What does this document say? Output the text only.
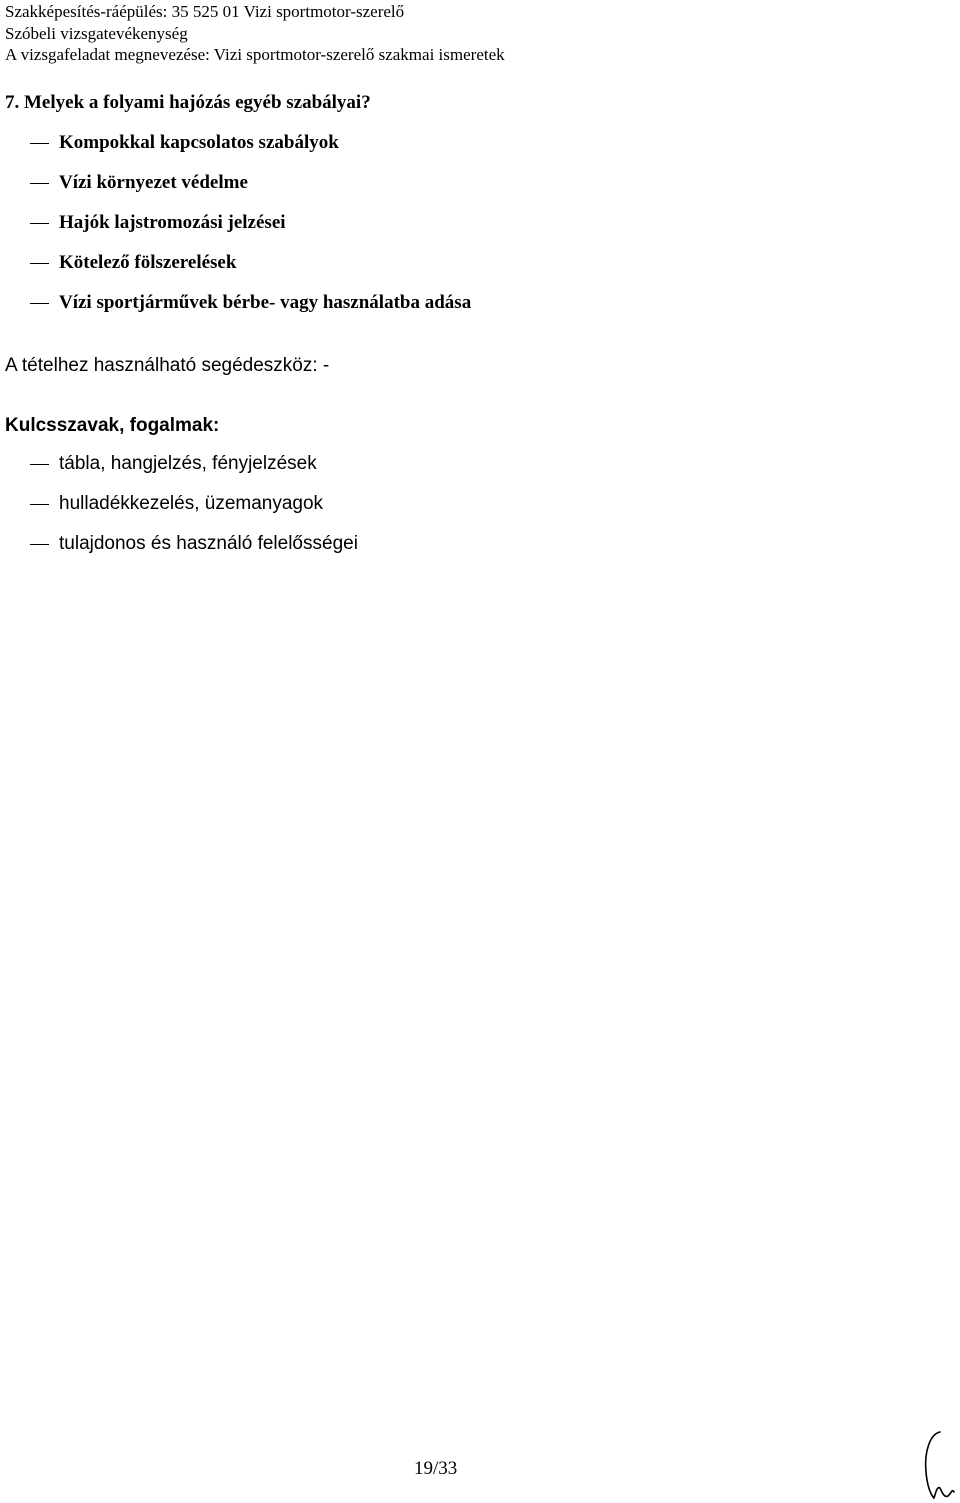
Szakképesítés-ráépülés: 35 525 01 Vizi sportmotor-szerelő
Szóbeli vizsgatevékenység
A vizsgafeladat megnevezése: Vizi sportmotor-szerelő szakmai ismeretek
7. Melyek a folyami hajózás egyéb szabályai?
Kompokkal kapcsolatos szabályok
Vízi környezet védelme
Hajók lajstromozási jelzései
Kötelező fölszerelések
Vízi sportjárművek bérbe- vagy használatba adása
A tételhez használható segédeszköz: -
Kulcsszavak, fogalmak:
tábla, hangjelzés, fényjelzések
hulladékkezelés, üzemanyagok
tulajdonos és használó felelősségei
19/33
